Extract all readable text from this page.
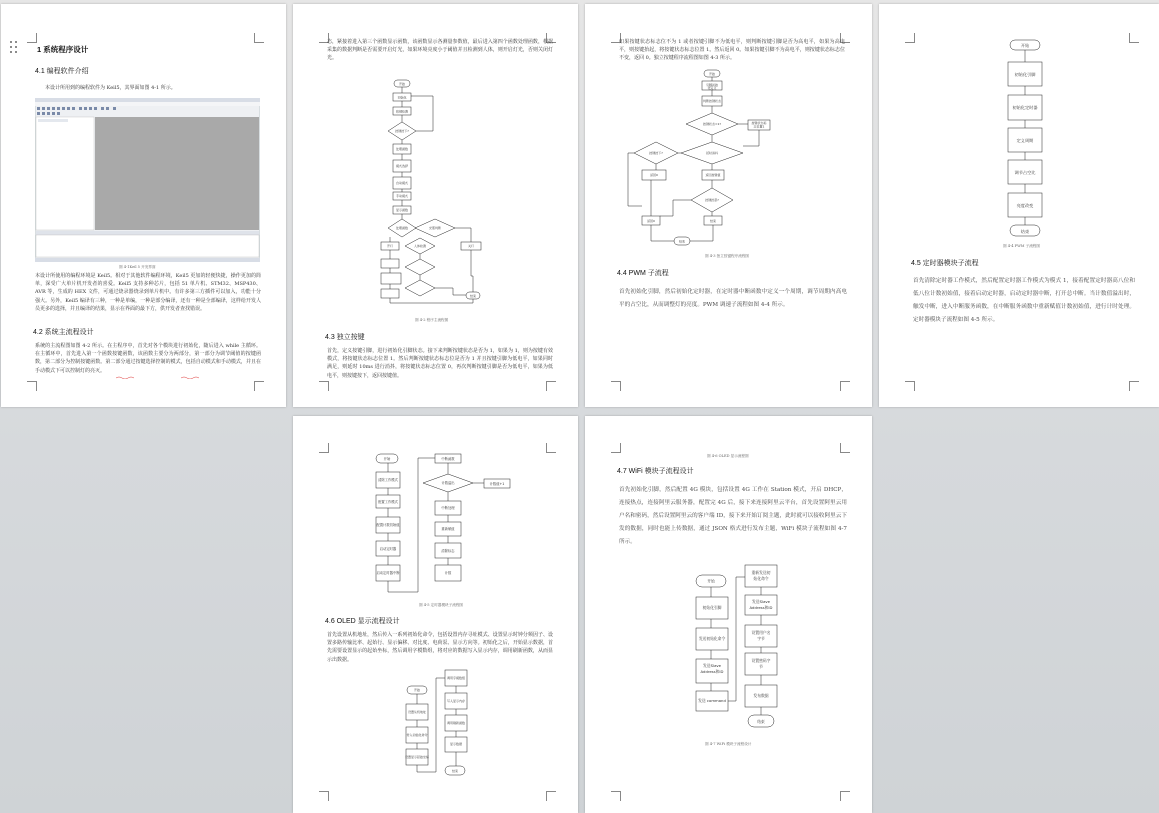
1 系统程序设计
4.1 编程软件介绍
本设计所用到的编程软件为 Keil5，其界面如图 4-1 所示。
图 4-1Keil 5 开发界面
本设计所使用的编程环境是 Keil5。相对于其他软件编程环境，Keil5 更加的轻便快捷，操作更加的简单，深受广大单片机开发者的喜爱。Keil5 支持多种芯片，包括 51 单片机、STM32、MSP430、AVR 等，生成的 HEX 文件，可通过烧录器烧录到单片机中。有许多第三方插件可以加入，功能十分强大。另外，Keil5 编译有三种，一种是单编，一种是部分编译，还有一种是全部编译，这样给开发人员更多的选择，并且编译的结果，显示在界面的最下方，供开发者查找错误。
4.2 系统主流程设计
系统的主流程图如图 4-2 所示。在主程序中，首先对各个模块进行初始化，随后进入 while 主循环。在主循环中，首先进入第一个函数按键函数，该函数主要分为两部分，第一部分为调节阈值的按键函数，第二部分为控制按键函数。第二部分通过按键选择控制的模式，包括自动模式和手动模式，并且在手动模式下可以控制灯的亮灭。
态，紧接着进入第三个函数显示函数，该函数显示各测量参数值，最后进入第四个函数处理函数，根据采集的数据判断是否需要开启灯光，如果环境亮度小于阈值并且检测到人体，则开启灯光，否则关闭灯光。
开始
初始化
按键检测
按键按下?
处理函数
模式选择
自动模式
手动模式
显示函数
处理函数	光照判断
人体检测
开灯	关灯
结束
图 4-2 程序主流程图
4.3 独立按键
首先，定义按键引脚，进行初始化引脚状态。接下来判断按键状态是否为 1，如果为 1，则为按键有效模式，将按键状态标志位置 1。然后判断按键状态标志位是否为 1 并且按键引脚为低电平，如果同时满足，则延时 10ms 进行消抖，将按键状态标志位置 0，再次判断按键引脚是否为低电平，如果为低电平，则按键按下，返回按键值。
如果按键状态标志位不为 1 或者按键引脚不为低电平，则判断按键引脚是否为高电平，如果为高电平，则按键抬起，将按键状态标志位置 1。然后返回 0。如果按键引脚不为高电平，则按键状态标志位不变，返回 0。独立按键程序流程图如图 4-3 所示。
开始
引脚初始
化定义
判断按键状态
按键状态=1?	按键状态标
志位置1
延时消抖
按键按下?
返回0	返回按键值
按键抬起?
返回0	结束
结束
图 4-3 独立按键程序流程图
4.4 PWM 子流程
首先初始化引脚，然后初始化定时器，在定时器中断函数中定义一个周期，调节周期内高电平的占空比，从而调整灯的亮度。PWM 调速子流程如图 4-4 所示。
开始
初始化引脚
初始化定时器
定义周期
调节占空比
亮度改变
结束
图 4-4 PWM 子流程图
4.5 定时器模块子流程
首先清除定时器工作模式，然后配置定时器工作模式为模式 1，接着配置定时器高八位和低八位计数初始值，接着启动定时器，启动定时器中断，打开总中断。当计数值溢出时，触发中断，进入中断服务函数，在中断服务函数中重新赋值计数初始值，进行计时处理。定时器模块子流程如图 4-5 所示。
开始
清除工作模式
配置工作模式
配置计数初始值
启动定时器
启动定时器中断
中断函数
计数溢出	计数值+1
中断处理
重新赋值
清除标志
计数
图 4-5 定时器模块子流程图
4.6 OLED 显示流程设计
首先设置从机地址，然后传入一系列初始化命令，包括设置内存寻址模式、设置显示时钟分频因子、设置多路传输比率、起始行、显示偏移、对比度、电荷泵、显示方向等。初始化之后，开始显示数据，首先需要设置显示的起始坐标，然后调用字模数组，将对应的数据写入显示内存，调用刷新函数，从而显示出数据。
开始
设置从机地址
传入初始化命令
设置显示起始坐标
调用字模数组
写入显示内存
调用刷新函数
显示数据
结束
图 4-6 OLED 显示流程图
4.7 WiFi 模块子流程设计
首先初始化引脚，然后配置 4G 模块，包括设置 4G 工作在 Station 模式，开启 DHCP，连接热点，连接阿里云服务器，配置完 4G 后，接下来连接阿里云平台，首先设置阿里云用户名和密码，然后设置阿里云的客户端 ID，接下来开始订阅主题，此时就可以接收阿里云下发的数据，同时也能上传数据，通过 JSON 格式进行发布主题，WiFi 模块子流程如图 4-7 所示。
开始
初始化引脚
发送初始化命令
发送Slave
Address和ID
发送 command
重新发送初
始化命令
发送Slave
Address和ID
设置用户名
字节
设置密码字
节
发布数据
结束
图 4-7 WiFi 模块子流程设计
